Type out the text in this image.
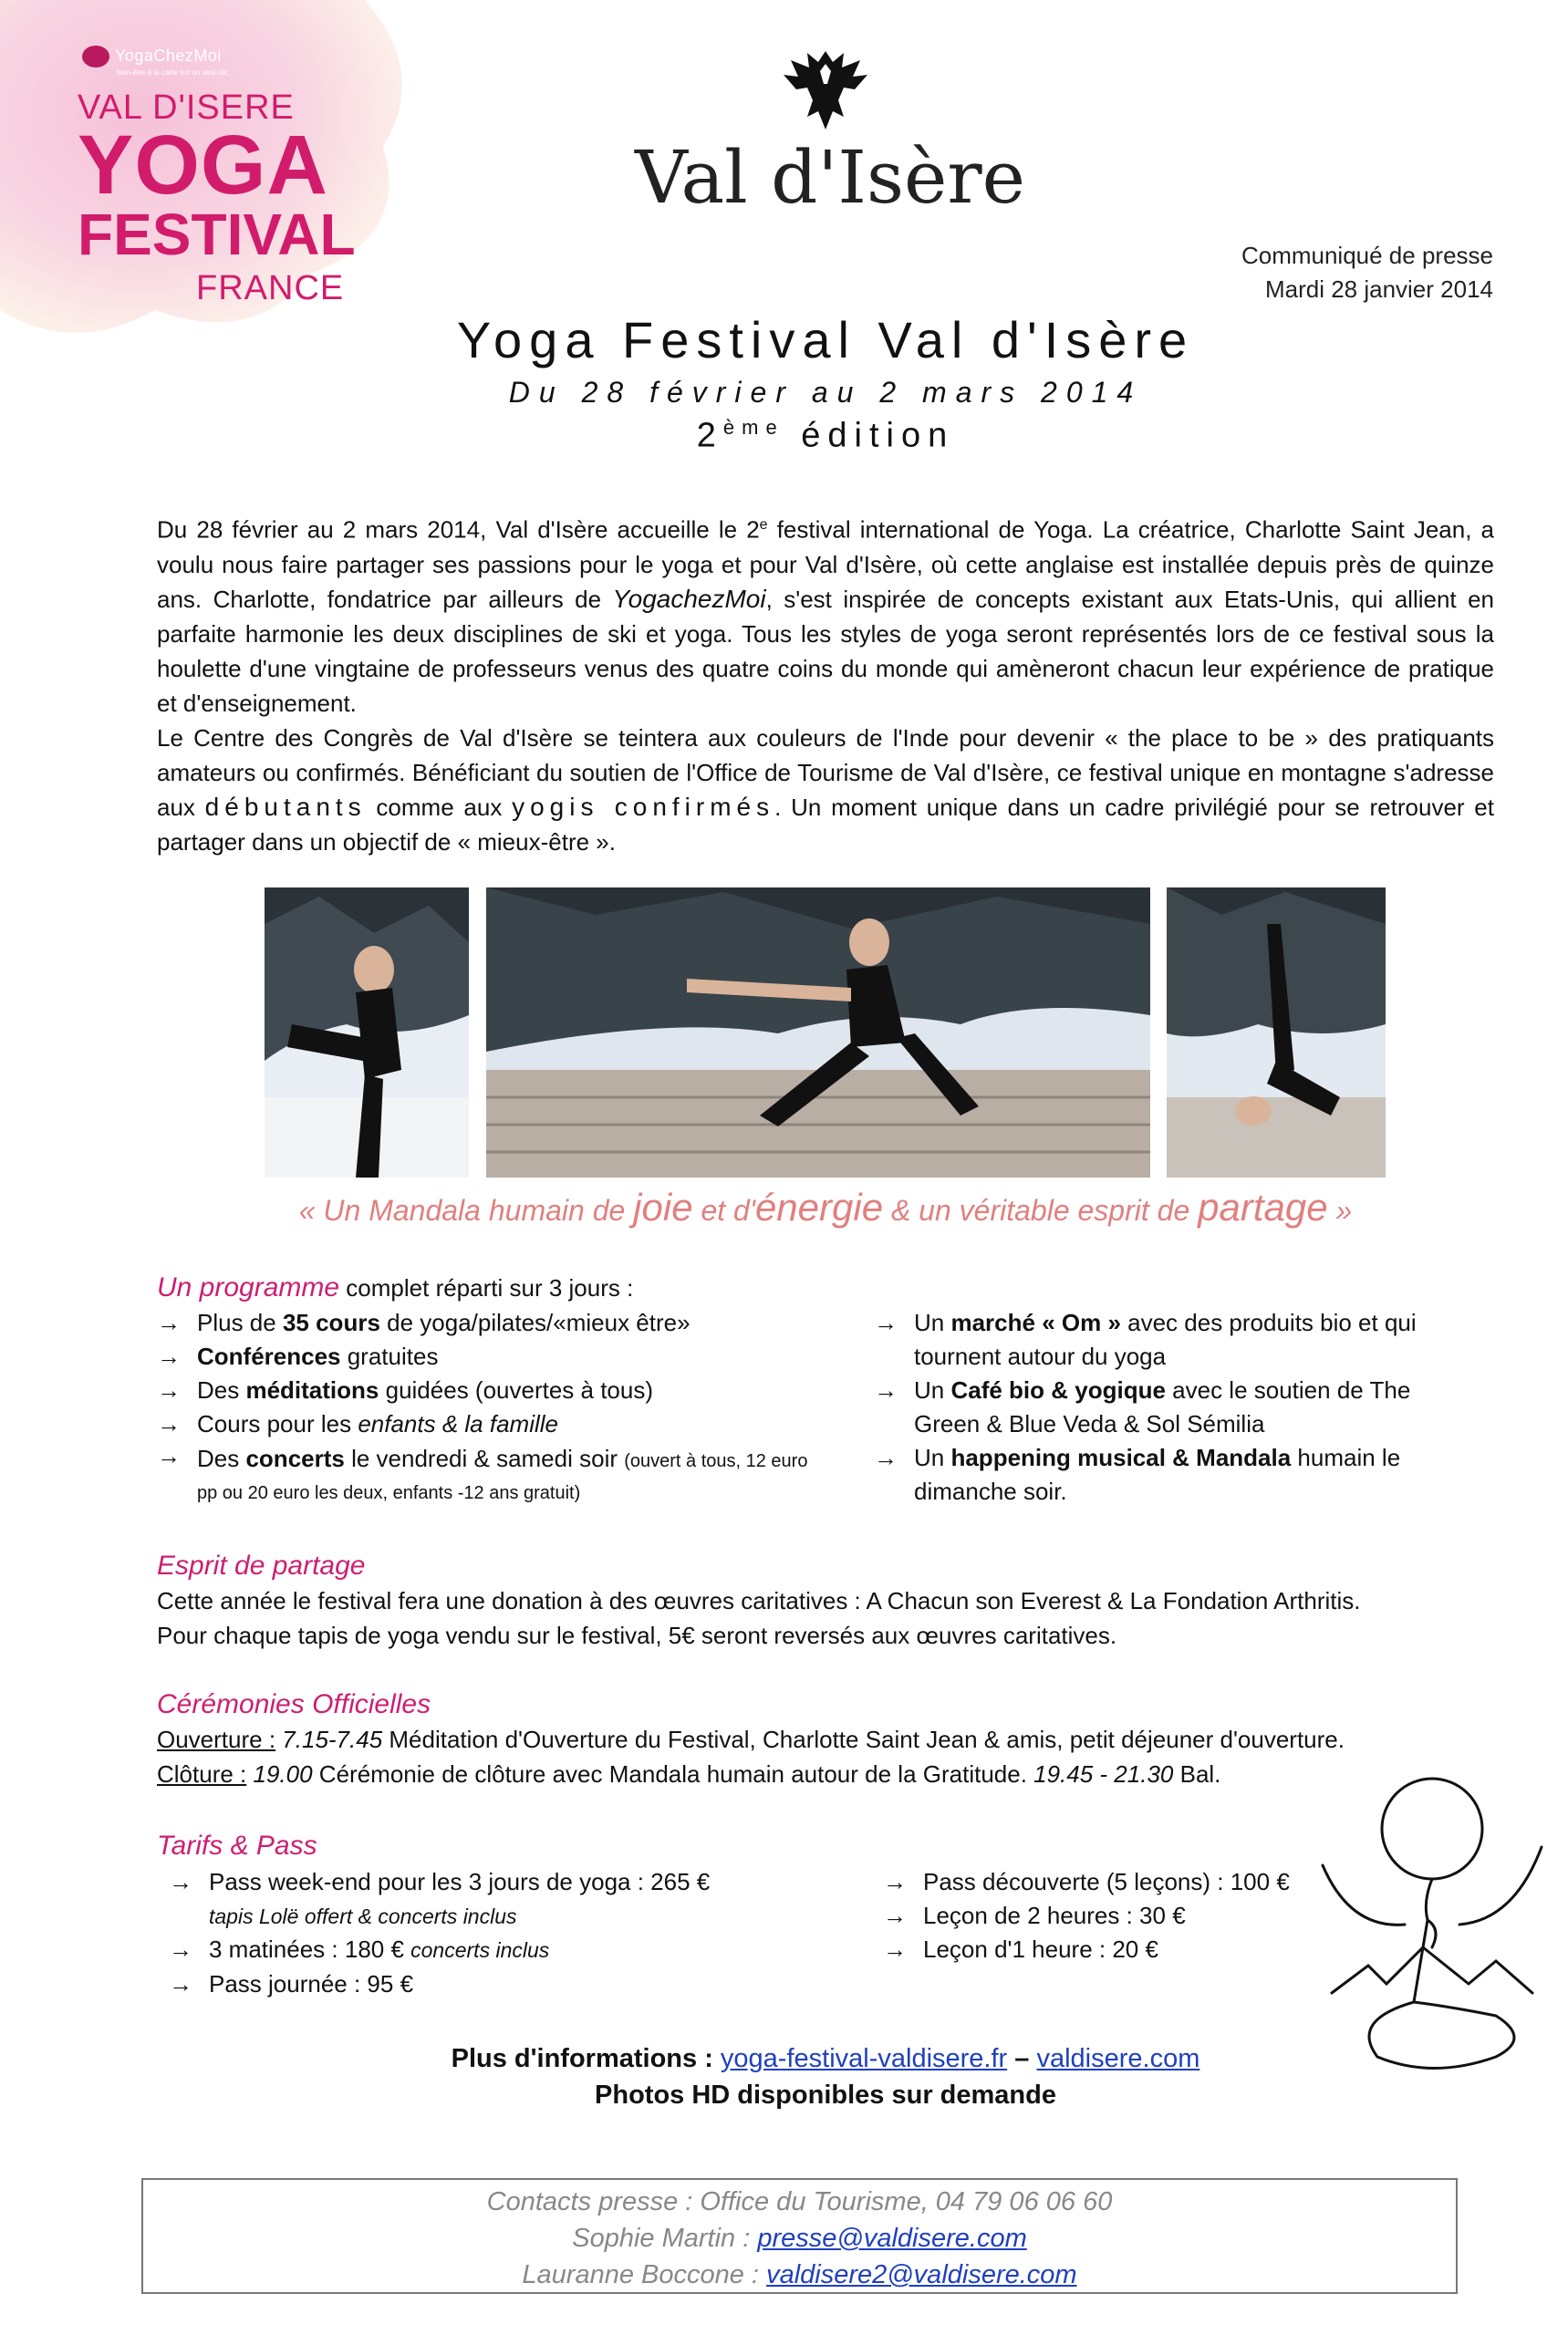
YogaChezMoi
bien-être à la carte sur un seul clic
VAL D'ISERE
YOGA
FESTIVAL
FRANCE
Val d'Isère
Communiqué de presse
Mardi 28 janvier 2014
Yoga Festival Val d'Isère
Du 28 février au 2 mars 2014
2ème édition
Du 28 février au 2 mars 2014, Val d'Isère accueille le 2e festival international de Yoga. La créatrice, Charlotte Saint Jean, a voulu nous faire partager ses passions pour le yoga et pour Val d'Isère, où cette anglaise est installée depuis près de quinze ans. Charlotte, fondatrice par ailleurs de YogachezMoi, s'est inspirée de concepts existant aux Etats-Unis, qui allient en parfaite harmonie les deux disciplines de ski et yoga. Tous les styles de yoga seront représentés lors de ce festival sous la houlette d'une vingtaine de professeurs venus des quatre coins du monde qui amèneront chacun leur expérience de pratique et d'enseignement.
Le Centre des Congrès de Val d'Isère se teintera aux couleurs de l'Inde pour devenir « the place to be » des pratiquants amateurs ou confirmés. Bénéficiant du soutien de l'Office de Tourisme de Val d'Isère, ce festival unique en montagne s'adresse aux débutants comme aux yogis confirmés. Un moment unique dans un cadre privilégié pour se retrouver et partager dans un objectif de « mieux-être ».
« Un Mandala humain de joie et d'énergie & un véritable esprit de partage »
Un programme complet réparti sur 3 jours :
→ Plus de 35 cours de yoga/pilates/«mieux être»
→ Conférences gratuites
→ Des méditations guidées (ouvertes à tous)
→ Cours pour les enfants & la famille
→ Des concerts le vendredi & samedi soir (ouvert à tous, 12 euro pp ou 20 euro les deux, enfants -12 ans gratuit)
→ Un marché « Om » avec des produits bio et qui tournent autour du yoga
→ Un Café bio & yogique avec le soutien de The Green & Blue Veda & Sol Sémilia
→ Un happening musical & Mandala humain le dimanche soir.
Esprit de partage
Cette année le festival fera une donation à des œuvres caritatives : A Chacun son Everest & La Fondation Arthritis.
Pour chaque tapis de yoga vendu sur le festival, 5€ seront reversés aux œuvres caritatives.
Cérémonies Officielles
Ouverture : 7.15-7.45 Méditation d'Ouverture du Festival, Charlotte Saint Jean & amis, petit déjeuner d'ouverture.
Clôture : 19.00 Cérémonie de clôture avec Mandala humain autour de la Gratitude. 19.45 - 21.30 Bal.
Tarifs & Pass
→ Pass week-end pour les 3 jours de yoga : 265 €
tapis Lolë offert & concerts inclus
→ 3 matinées : 180 € concerts inclus
→ Pass journée : 95 €
→ Pass découverte (5 leçons) : 100 €
→ Leçon de 2 heures : 30 €
→ Leçon d'1 heure : 20 €
Plus d'informations : yoga-festival-valdisere.fr – valdisere.com
Photos HD disponibles sur demande
Contacts presse : Office du Tourisme, 04 79 06 06 60
Sophie Martin : presse@valdisere.com
Lauranne Boccone : valdisere2@valdisere.com
